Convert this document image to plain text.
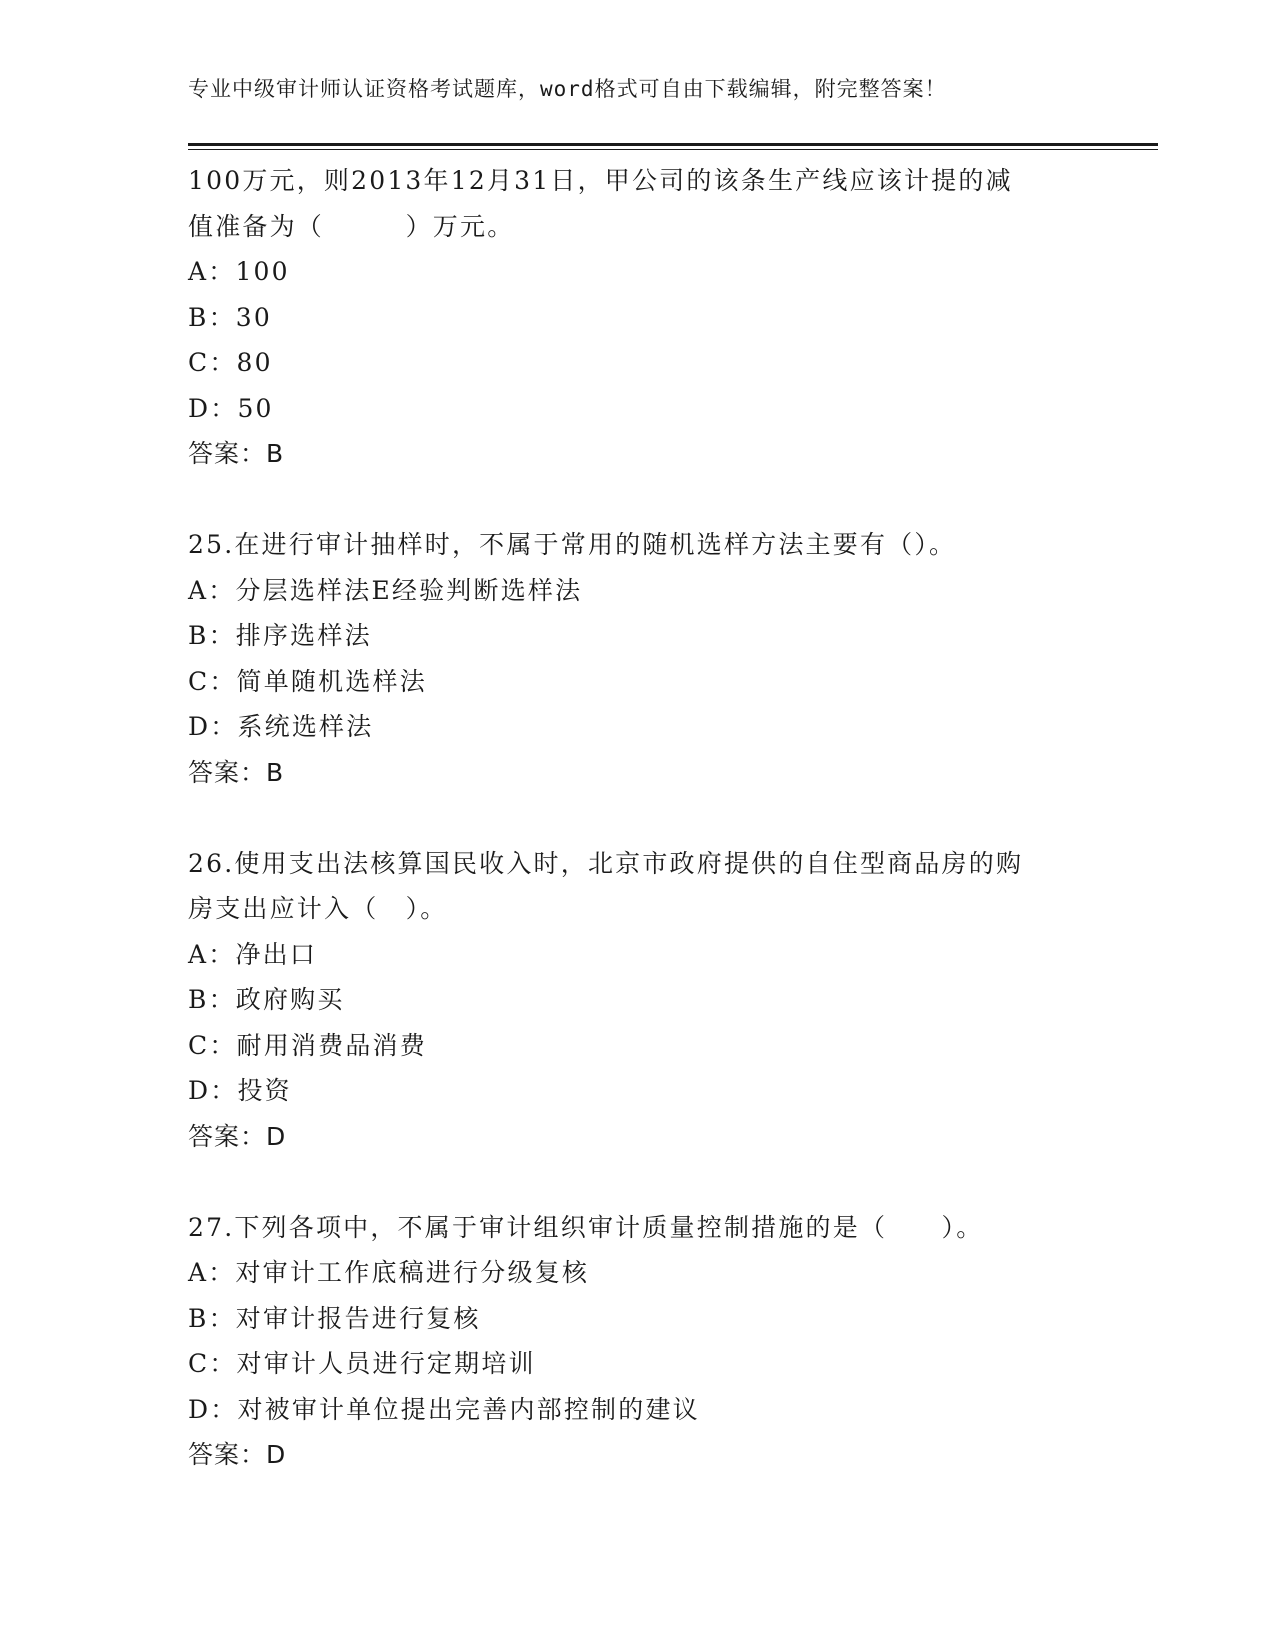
专业中级审计师认证资格考试题库，word格式可自由下载编辑，附完整答案！
100万元，则2013年12月31日，甲公司的该条生产线应该计提的减
值准备为（　　　）万元。
A：100
B：30
C：80
D：50
答案：B
25.在进行审计抽样时，不属于常用的随机选样方法主要有（）。
A：分层选样法E经验判断选样法
B：排序选样法
C：简单随机选样法
D：系统选样法
答案：B
26.使用支出法核算国民收入时，北京市政府提供的自住型商品房的购
房支出应计入（　）。
A：净出口
B：政府购买
C：耐用消费品消费
D：投资
答案：D
27.下列各项中，不属于审计组织审计质量控制措施的是（　　）。
A：对审计工作底稿进行分级复核
B：对审计报告进行复核
C：对审计人员进行定期培训
D：对被审计单位提出完善内部控制的建议
答案：D
